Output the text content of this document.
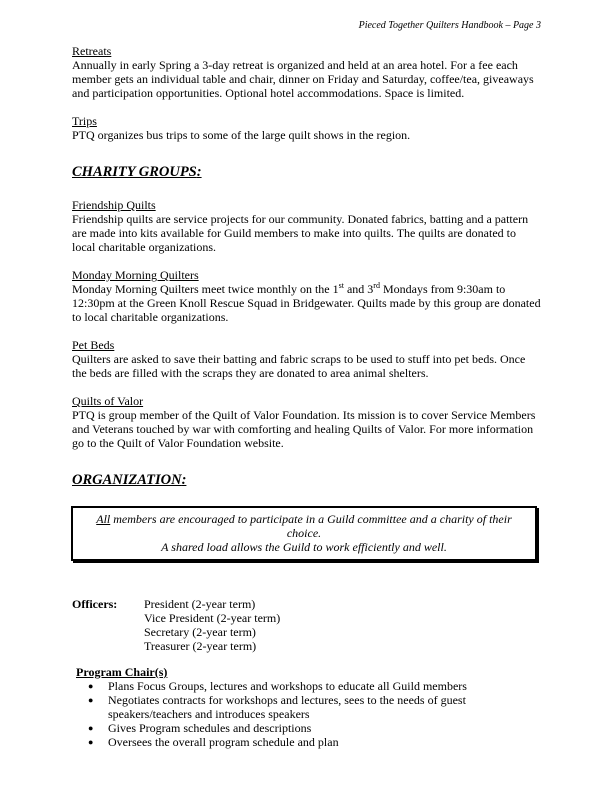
Pieced Together Quilters Handbook – Page 3

Retreats

Annually in early Spring a 3-day retreat is organized and held at an area hotel. For a fee each member gets an individual table and chair, dinner on Friday and Saturday, coffee/tea, giveaways and participation opportunities. Optional hotel accommodations. Space is limited.

Trips

PTQ organizes bus trips to some of the large quilt shows in the region.

CHARITY GROUPS:

Friendship Quilts

Friendship quilts are service projects for our community. Donated fabrics, batting and a pattern are made into kits available for Guild members to make into quilts. The quilts are donated to local charitable organizations.

Monday Morning Quilters

Monday Morning Quilters meet twice monthly on the 1st and 3rd Mondays from 9:30am to 12:30pm at the Green Knoll Rescue Squad in Bridgewater. Quilts made by this group are donated to local charitable organizations.

Pet Beds

Quilters are asked to save their batting and fabric scraps to be used to stuff into pet beds. Once the beds are filled with the scraps they are donated to area animal shelters.

Quilts of Valor

PTQ is group member of the Quilt of Valor Foundation. Its mission is to cover Service Members and Veterans touched by war with comforting and healing Quilts of Valor. For more information go to the Quilt of Valor Foundation website.

ORGANIZATION:
All members are encouraged to participate in a Guild committee and a charity of their choice.
A shared load allows the Guild to work efficiently and well.
Officers:	President (2-year term)
Vice President (2-year term)
Secretary (2-year term)
Treasurer (2-year term)
Program Chair(s)
● Plans Focus Groups, lectures and workshops to educate all Guild members
● Negotiates contracts for workshops and lectures, sees to the needs of guest speakers/teachers and introduces speakers
● Gives Program schedules and descriptions
● Oversees the overall program schedule and plan
